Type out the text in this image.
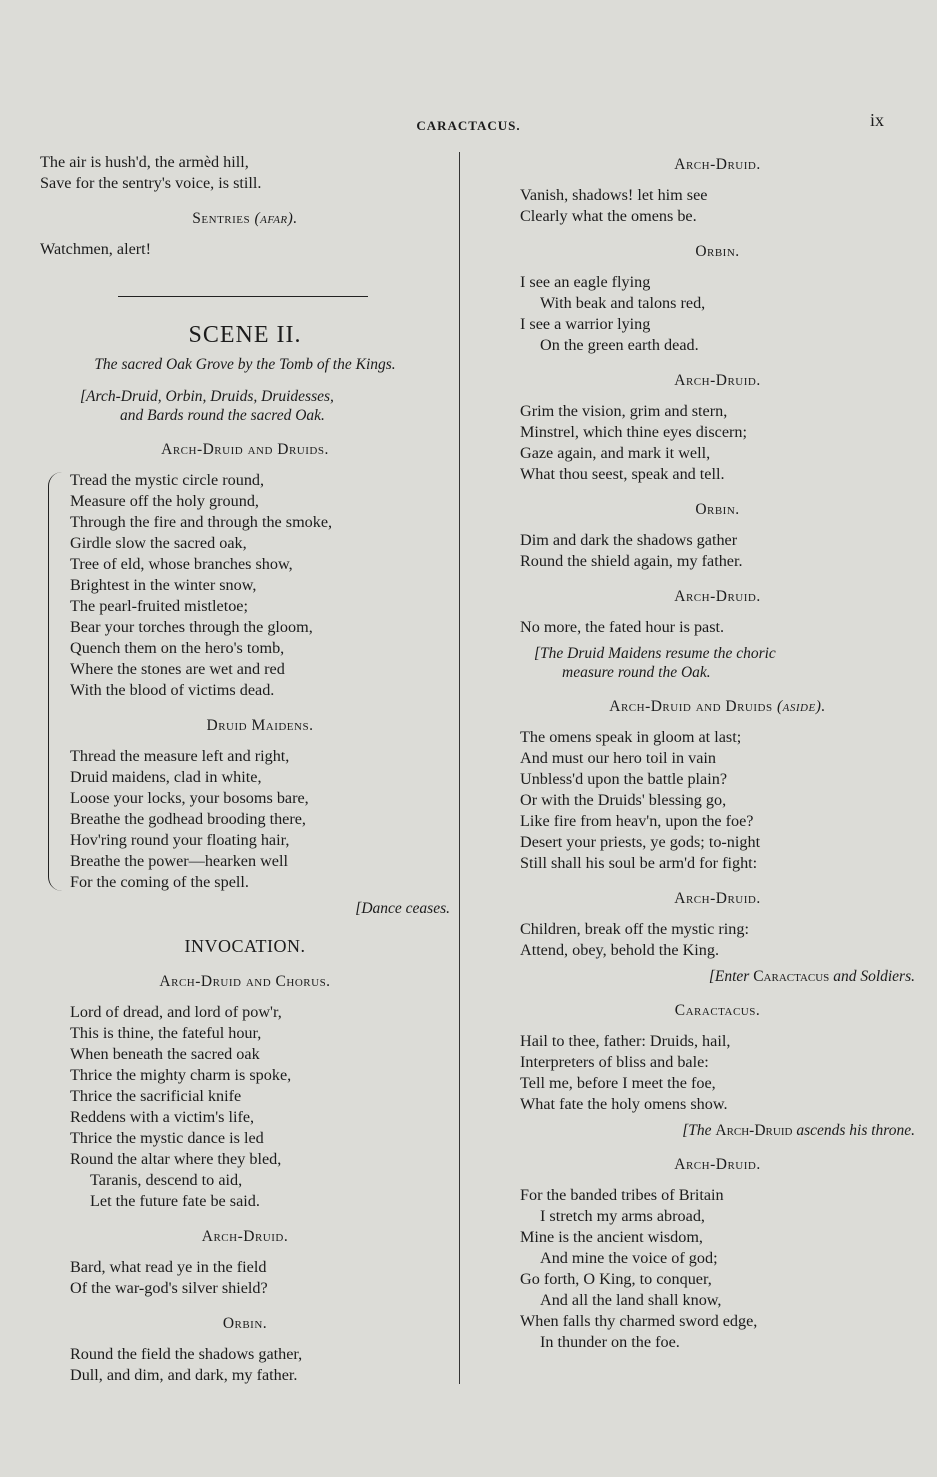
CARACTACUS.	ix
The air is hush'd, the armèd hill,
Save for the sentry's voice, is still.
Sentries (afar).
Watchmen, alert!
SCENE II.
The sacred Oak Grove by the Tomb of the Kings.
[Arch-Druid, Orbin, Druids, Druidesses,
and Bards round the sacred Oak.
Arch-Druid and Druids.
Tread the mystic circle round,
Measure off the holy ground,
Through the fire and through the smoke,
Girdle slow the sacred oak,
Tree of eld, whose branches show,
Brightest in the winter snow,
The pearl-fruited mistletoe;
Bear your torches through the gloom,
Quench them on the hero's tomb,
Where the stones are wet and red
With the blood of victims dead.
Druid Maidens.
Thread the measure left and right,
Druid maidens, clad in white,
Loose your locks, your bosoms bare,
Breathe the godhead brooding there,
Hov'ring round your floating hair,
Breathe the power—hearken well
For the coming of the spell.
[Dance ceases.
INVOCATION.
Arch-Druid and Chorus.
Lord of dread, and lord of pow'r,
This is thine, the fateful hour,
When beneath the sacred oak
Thrice the mighty charm is spoke,
Thrice the sacrificial knife
Reddens with a victim's life,
Thrice the mystic dance is led
Round the altar where they bled,
Taranis, descend to aid,
Let the future fate be said.
Arch-Druid.
Bard, what read ye in the field
Of the war-god's silver shield?
Orbin.
Round the field the shadows gather,
Dull, and dim, and dark, my father.
Arch-Druid.
Vanish, shadows! let him see
Clearly what the omens be.
Orbin.
I see an eagle flying
With beak and talons red,
I see a warrior lying
On the green earth dead.
Arch-Druid.
Grim the vision, grim and stern,
Minstrel, which thine eyes discern;
Gaze again, and mark it well,
What thou seest, speak and tell.
Orbin.
Dim and dark the shadows gather
Round the shield again, my father.
Arch-Druid.
No more, the fated hour is past.
[The Druid Maidens resume the choric
measure round the Oak.
Arch-Druid and Druids (aside).
The omens speak in gloom at last;
And must our hero toil in vain
Unbless'd upon the battle plain?
Or with the Druids' blessing go,
Like fire from heav'n, upon the foe?
Desert your priests, ye gods; to-night
Still shall his soul be arm'd for fight:
Arch-Druid.
Children, break off the mystic ring:
Attend, obey, behold the King.
[Enter Caractacus and Soldiers.
Caractacus.
Hail to thee, father: Druids, hail,
Interpreters of bliss and bale:
Tell me, before I meet the foe,
What fate the holy omens show.
[The Arch-Druid ascends his throne.
Arch-Druid.
For the banded tribes of Britain
I stretch my arms abroad,
Mine is the ancient wisdom,
And mine the voice of god;
Go forth, O King, to conquer,
And all the land shall know,
When falls thy charmed sword edge,
In thunder on the foe.
